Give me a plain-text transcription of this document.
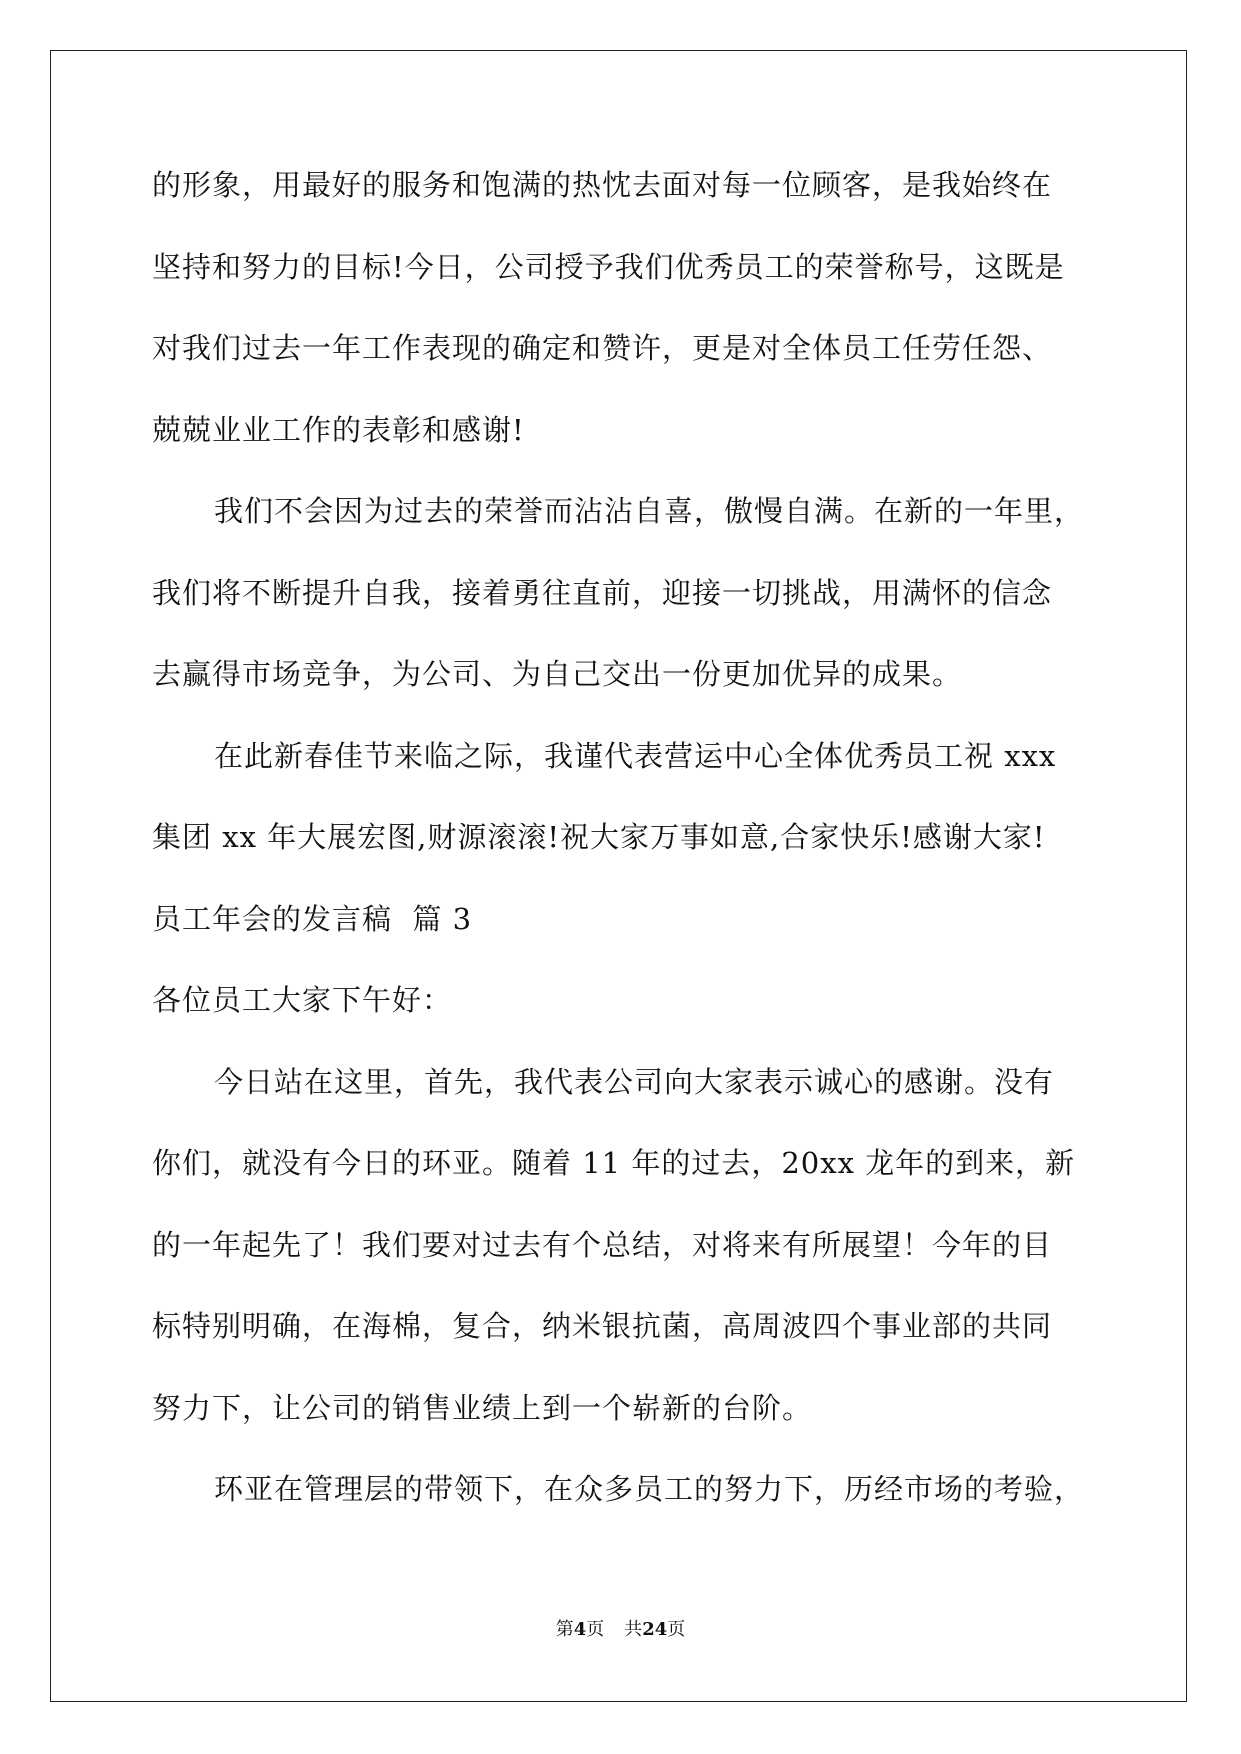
的形象，用最好的服务和饱满的热忱去面对每一位顾客，是我始终在
坚持和努力的目标!今日，公司授予我们优秀员工的荣誉称号，这既是
对我们过去一年工作表现的确定和赞许，更是对全体员工任劳任怨、
兢兢业业工作的表彰和感谢!
我们不会因为过去的荣誉而沾沾自喜，傲慢自满。在新的一年里，
我们将不断提升自我，接着勇往直前，迎接一切挑战，用满怀的信念
去赢得市场竞争，为公司、为自己交出一份更加优异的成果。
在此新春佳节来临之际，我谨代表营运中心全体优秀员工祝 xxx
集团 xx 年大展宏图,财源滚滚!祝大家万事如意,合家快乐!感谢大家!
员工年会的发言稿  篇 3
各位员工大家下午好：
今日站在这里，首先，我代表公司向大家表示诚心的感谢。没有
你们，就没有今日的环亚。随着 11 年的过去，20xx 龙年的到来，新
的一年起先了！我们要对过去有个总结，对将来有所展望！今年的目
标特别明确，在海棉，复合，纳米银抗菌，高周波四个事业部的共同
努力下，让公司的销售业绩上到一个崭新的台阶。
环亚在管理层的带领下，在众多员工的努力下，历经市场的考验，
第4页 共24页
